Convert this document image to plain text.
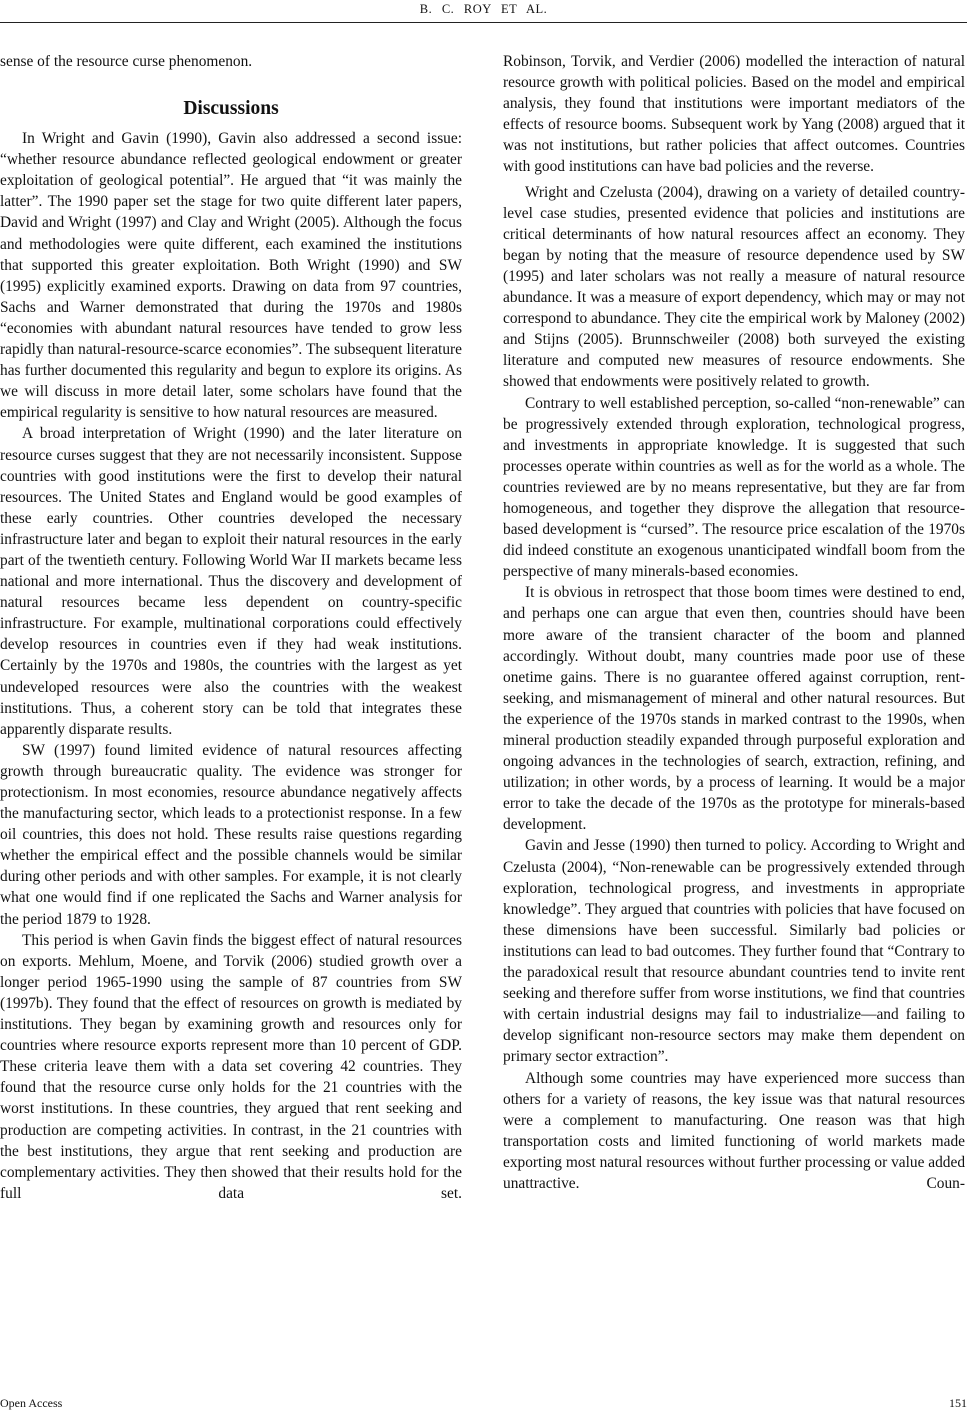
B. C. ROY ET AL.

sense of the resource curse phenomenon.

Discussions

In Wright and Gavin (1990), Gavin also addressed a second issue: “whether resource abundance reflected geological endowment or greater exploitation of geological potential”. He argued that “it was mainly the latter”. The 1990 paper set the stage for two quite different later papers, David and Wright (1997) and Clay and Wright (2005). Although the focus and methodologies were quite different, each examined the institutions that supported this greater exploitation. Both Wright (1990) and SW (1995) explicitly examined exports. Drawing on data from 97 countries, Sachs and Warner demonstrated that during the 1970s and 1980s “economies with abundant natural resources have tended to grow less rapidly than natural-resource-scarce economies”. The subsequent literature has further documented this regularity and begun to explore its origins. As we will discuss in more detail later, some scholars have found that the empirical regularity is sensitive to how natural resources are measured.

A broad interpretation of Wright (1990) and the later literature on resource curses suggest that they are not necessarily inconsistent. Suppose countries with good institutions were the first to develop their natural resources. The United States and England would be good examples of these early countries. Other countries developed the necessary infrastructure later and began to exploit their natural resources in the early part of the twentieth century. Following World War II markets became less national and more international. Thus the discovery and development of natural resources became less dependent on country-specific infrastructure. For example, multinational corporations could effectively develop resources in countries even if they had weak institutions. Certainly by the 1970s and 1980s, the countries with the largest as yet undeveloped resources were also the countries with the weakest institutions. Thus, a coherent story can be told that integrates these apparently disparate results.

SW (1997) found limited evidence of natural resources affecting growth through bureaucratic quality. The evidence was stronger for protectionism. In most economies, resource abundance negatively affects the manufacturing sector, which leads to a protectionist response. In a few oil countries, this does not hold. These results raise questions regarding whether the empirical effect and the possible channels would be similar during other periods and with other samples. For example, it is not clearly what one would find if one replicated the Sachs and Warner analysis for the period 1879 to 1928.

This period is when Gavin finds the biggest effect of natural resources on exports. Mehlum, Moene, and Torvik (2006) studied growth over a longer period 1965-1990 using the sample of 87 countries from SW (1997b). They found that the effect of resources on growth is mediated by institutions. They began by examining growth and resources only for countries where resource exports represent more than 10 percent of GDP. These criteria leave them with a data set covering 42 countries. They found that the resource curse only holds for the 21 countries with the worst institutions. In these countries, they argued that rent seeking and production are competing activities. In contrast, in the 21 countries with the best institutions, they argue that rent seeking and production are complementary activities. They then showed that their results hold for the full data set.

Robinson, Torvik, and Verdier (2006) modelled the interaction of natural resource growth with political policies. Based on the model and empirical analysis, they found that institutions were important mediators of the effects of resource booms. Subsequent work by Yang (2008) argued that it was not institutions, but rather policies that affect outcomes. Countries with good institutions can have bad policies and the reverse.

Wright and Czelusta (2004), drawing on a variety of detailed country-level case studies, presented evidence that policies and institutions are critical determinants of how natural resources affect an economy. They began by noting that the measure of resource dependence used by SW (1995) and later scholars was not really a measure of natural resource abundance. It was a measure of export dependency, which may or may not correspond to abundance. They cite the empirical work by Maloney (2002) and Stijns (2005). Brunnschweiler (2008) both surveyed the existing literature and computed new measures of resource endowments. She showed that endowments were positively related to growth.

Contrary to well established perception, so-called “non-renewable” can be progressively extended through exploration, technological progress, and investments in appropriate knowledge. It is suggested that such processes operate within countries as well as for the world as a whole. The countries reviewed are by no means representative, but they are far from homogeneous, and together they disprove the allegation that resource-based development is “cursed”. The resource price escalation of the 1970s did indeed constitute an exogenous unanticipated windfall boom from the perspective of many minerals-based economies.

It is obvious in retrospect that those boom times were destined to end, and perhaps one can argue that even then, countries should have been more aware of the transient character of the boom and planned accordingly. Without doubt, many countries made poor use of these onetime gains. There is no guarantee offered against corruption, rent-seeking, and mismanagement of mineral and other natural resources. But the experience of the 1970s stands in marked contrast to the 1990s, when mineral production steadily expanded through purposeful exploration and ongoing advances in the technologies of search, extraction, refining, and utilization; in other words, by a process of learning. It would be a major error to take the decade of the 1970s as the prototype for minerals-based development.

Gavin and Jesse (1990) then turned to policy. According to Wright and Czelusta (2004), “Non-renewable can be progressively extended through exploration, technological progress, and investments in appropriate knowledge”. They argued that countries with policies that have focused on these dimensions have been successful. Similarly bad policies or institutions can lead to bad outcomes. They further found that “Contrary to the paradoxical result that resource abundant countries tend to invite rent seeking and therefore suffer from worse institutions, we find that countries with certain industrial designs may fail to industrialize—and failing to develop significant non-resource sectors may make them dependent on primary sector extraction”.

Although some countries may have experienced more success than others for a variety of reasons, the key issue was that natural resources were a complement to manufacturing. One reason was that high transportation costs and limited functioning of world markets made exporting most natural resources without further processing or value added unattractive. Coun-

Open Access	151
